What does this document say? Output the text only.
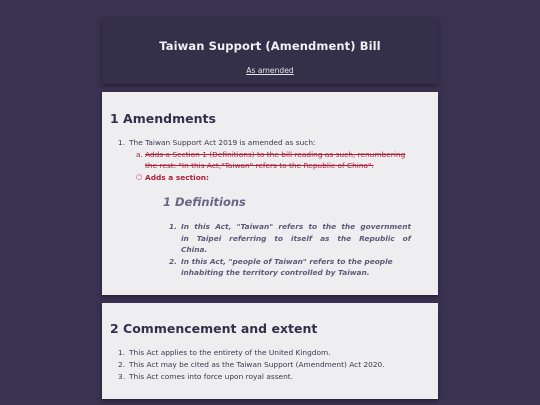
Taiwan Support (Amendment) Bill
As amended
1 Amendments
1. The Taiwan Support Act 2019 is amended as such:
a. Adds a Section 1 (Definitions) to the bill reading as such, renumbering
the rest: "In this Act,"Taiwan" refers to the Republic of China".
○ Adds a section:
1 Definitions
1. In this Act, "Taiwan" refers to the the government
in Taipei referring to itself as the Republic of
China.
2. In this Act, "people of Taiwan" refers to the people
inhabiting the territory controlled by Taiwan.
2 Commencement and extent
1. This Act applies to the entirety of the United Kingdom.
2. This Act may be cited as the Taiwan Support (Amendment) Act 2020.
3. This Act comes into force upon royal assent.
